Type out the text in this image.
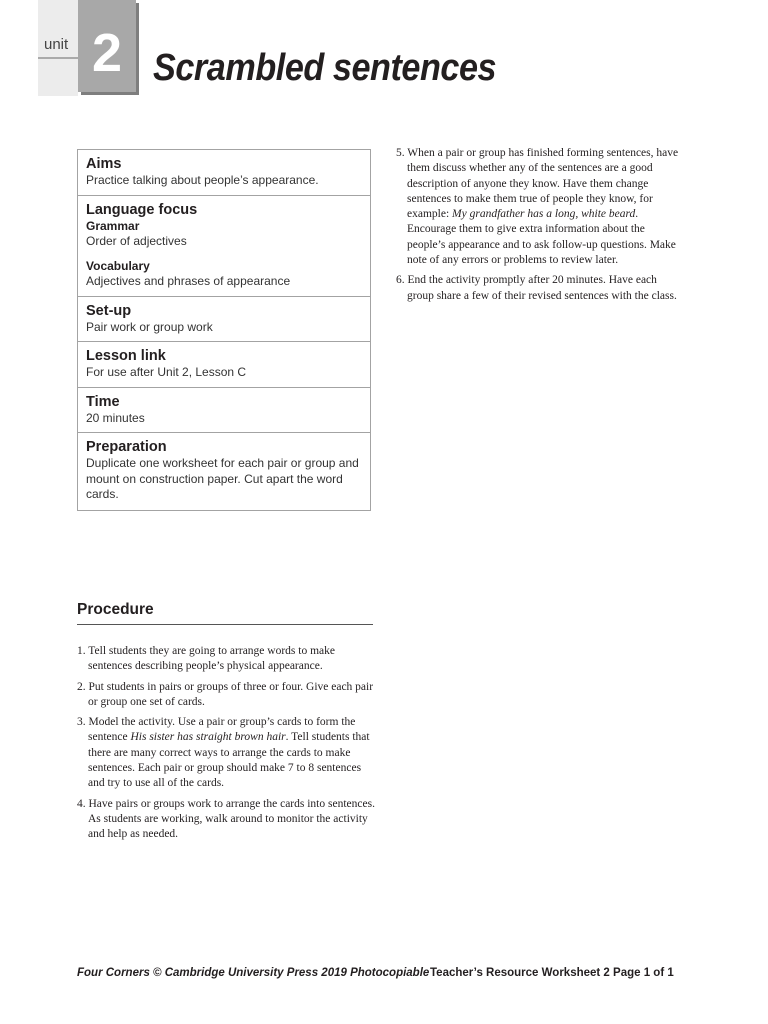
unit 2 Scrambled sentences
Aims
Practice talking about people’s appearance.
Language focus
Grammar
Order of adjectives
Vocabulary
Adjectives and phrases of appearance
Set-up
Pair work or group work
Lesson link
For use after Unit 2, Lesson C
Time
20 minutes
Preparation
Duplicate one worksheet for each pair or group and mount on construction paper. Cut apart the word cards.
Procedure
1. Tell students they are going to arrange words to make sentences describing people’s physical appearance.
2. Put students in pairs or groups of three or four. Give each pair or group one set of cards.
3. Model the activity. Use a pair or group’s cards to form the sentence His sister has straight brown hair. Tell students that there are many correct ways to arrange the cards to make sentences. Each pair or group should make 7 to 8 sentences and try to use all of the cards.
4. Have pairs or groups work to arrange the cards into sentences. As students are working, walk around to monitor the activity and help as needed.
5. When a pair or group has finished forming sentences, have them discuss whether any of the sentences are a good description of anyone they know. Have them change sentences to make them true of people they know, for example: My grandfather has a long, white beard. Encourage them to give extra information about the people’s appearance and to ask follow-up questions. Make note of any errors or problems to review later.
6. End the activity promptly after 20 minutes. Have each group share a few of their revised sentences with the class.
Four Corners © Cambridge University Press 2019 Photocopiable Teacher’s Resource Worksheet 2 Page 1 of 1
